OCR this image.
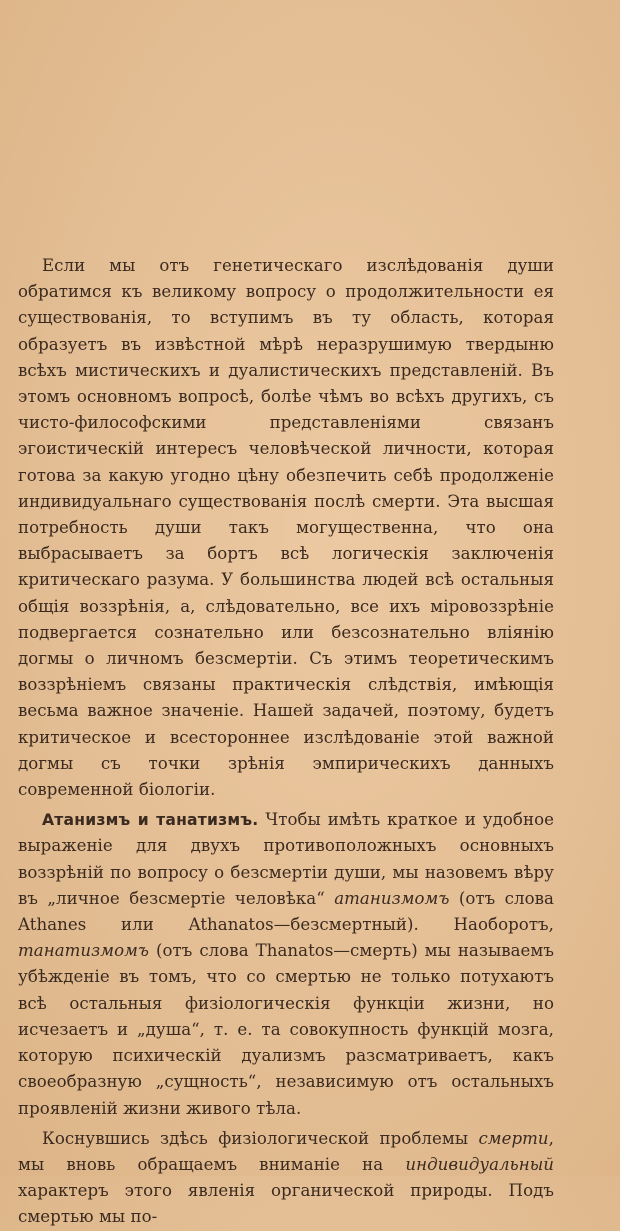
Если мы отъ генетическаго изслѣдованія души обратимся къ великому вопросу о продолжительности ея существованія, то вступимъ въ ту область, которая образуетъ въ извѣстной мѣрѣ неразрушимую твердыню всѣхъ мистическихъ и дуалистическихъ представленій. Въ этомъ основномъ вопросѣ, болѣе чѣмъ во всѣхъ другихъ, съ чисто-философскими представленіями связанъ эгоистическій интересъ человѣческой личности, которая готова за какую угодно цѣну обезпечить себѣ продолженіе индивидуальнаго существованія послѣ смерти. Эта высшая потребность души такъ могущественна, что она выбрасываетъ за бортъ всѣ логическія заключенія критическаго разума. У большинства людей всѣ остальныя общія воззрѣнія, а, слѣдовательно, все ихъ міровоззрѣніе подвергается сознательно или безсознательно вліянію догмы о личномъ безсмертіи. Съ этимъ теоретическимъ воззрѣніемъ связаны практическія слѣдствія, имѣющія весьма важное значеніе. Нашей задачей, поэтому, будетъ критическое и всестороннее изслѣдованіе этой важной догмы съ точки зрѣнія эмпирическихъ данныхъ современной біологіи.

Атанизмъ и танатизмъ. Чтобы имѣть краткое и удобное выраженіе для двухъ противоположныхъ основныхъ воззрѣній по вопросу о безсмертіи души, мы назовемъ вѣру въ „личное безсмертіе человѣка“ атанизмомъ (отъ слова Athanes или Athanatos—безсмертный). Наоборотъ, танатизмомъ (отъ слова Thanatos—смерть) мы называемъ убѣжденіе въ томъ, что со смертью не только потухаютъ всѣ остальныя физіологическія функціи жизни, но исчезаетъ и „душа“, т. е. та совокупность функцій мозга, которую психическій дуализмъ разсматриваетъ, какъ своеобразную „сущность“, независимую отъ остальныхъ проявленій жизни живого тѣла.

Коснувшись здѣсь физіологической проблемы смерти, мы вновь обращаемъ вниманіе на индивидуальный характеръ этого явленія органической природы. Подъ смертью мы по-
